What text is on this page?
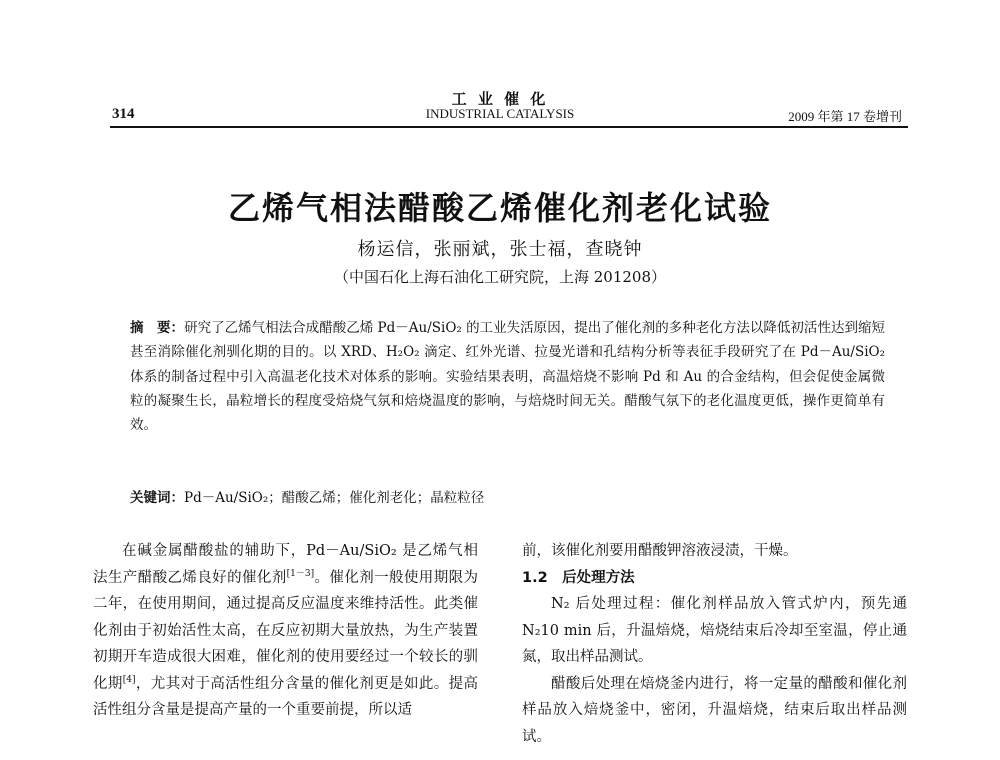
工 业 催 化
INDUSTRIAL CATALYSIS
314	2009 年第 17 卷增刊
乙烯气相法醋酸乙烯催化剂老化试验
杨运信，张丽斌，张士福，查晓钟
（中国石化上海石油化工研究院，上海 201208）
摘　要：研究了乙烯气相法合成醋酸乙烯 Pd－Au/SiO₂ 的工业失活原因，提出了催化剂的多种老化方法以降低初活性达到缩短甚至消除催化剂驯化期的目的。以 XRD、H₂O₂ 滴定、红外光谱、拉曼光谱和孔结构分析等表征手段研究了在 Pd－Au/SiO₂ 体系的制备过程中引入高温老化技术对体系的影响。实验结果表明，高温焙烧不影响 Pd 和 Au 的合金结构，但会促使金属微粒的凝聚生长，晶粒增长的程度受焙烧气氛和焙烧温度的影响，与焙烧时间无关。醋酸气氛下的老化温度更低，操作更简单有效。
关键词：Pd－Au/SiO₂；醋酸乙烯；催化剂老化；晶粒粒径

在碱金属醋酸盐的辅助下，Pd－Au/SiO₂ 是乙烯气相法生产醋酸乙烯良好的催化剂[1－3]。催化剂一般使用期限为二年，在使用期间，通过提高反应温度来维持活性。此类催化剂由于初始活性太高，在反应初期大量放热，为生产装置初期开车造成很大困难，催化剂的使用要经过一个较长的驯化期[4]，尤其对于高活性组分含量的催化剂更是如此。提高活性组分含量是提高产量的一个重要前提，所以适

前，该催化剂要用醋酸钾溶液浸渍，干燥。

1.2　后处理方法

N₂ 后处理过程：催化剂样品放入管式炉内，预先通 N₂10 min 后，升温焙烧，焙烧结束后冷却至室温，停止通氮，取出样品测试。

醋酸后处理在焙烧釜内进行，将一定量的醋酸和催化剂样品放入焙烧釜中，密闭，升温焙烧，结束后取出样品测试。
